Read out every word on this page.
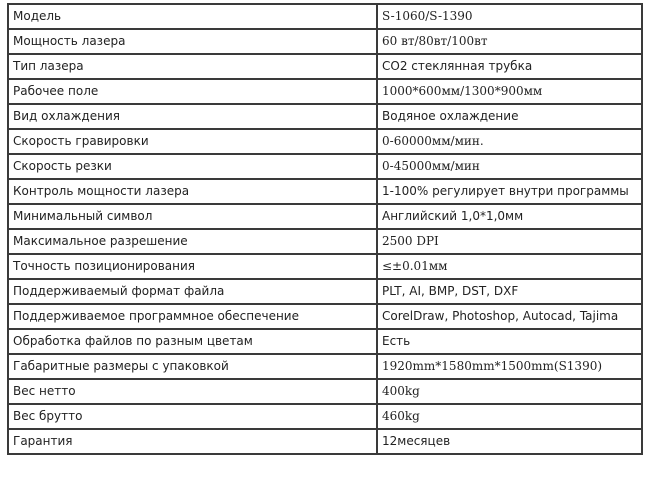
Модель	S-1060/S-1390
Мощность лазера	60 вт/80вт/100вт
Тип лазера	CO2 стеклянная трубка
Рабочее поле	1000*600мм/1300*900мм
Вид охлаждения	Водяное охлаждение
Скорость гравировки	0-60000мм/мин.
Скорость резки	0-45000мм/мин
Контроль мощности лазера	1-100% регулирует внутри программы
Минимальный символ	Английский 1,0*1,0мм
Максимальное разрешение	2500 DPI
Точность позиционирования	≤±0.01мм
Поддерживаемый формат файла	PLT, AI, BMP, DST, DXF
Поддерживаемое программное обеспечение	CorelDraw, Photoshop, Autocad, Tajima
Обработка файлов по разным цветам	Есть
Габаритные размеры с упаковкой	1920mm*1580mm*1500mm(S1390)
Вес нетто	400kg
Вес брутто	460kg
Гарантия	12месяцев
